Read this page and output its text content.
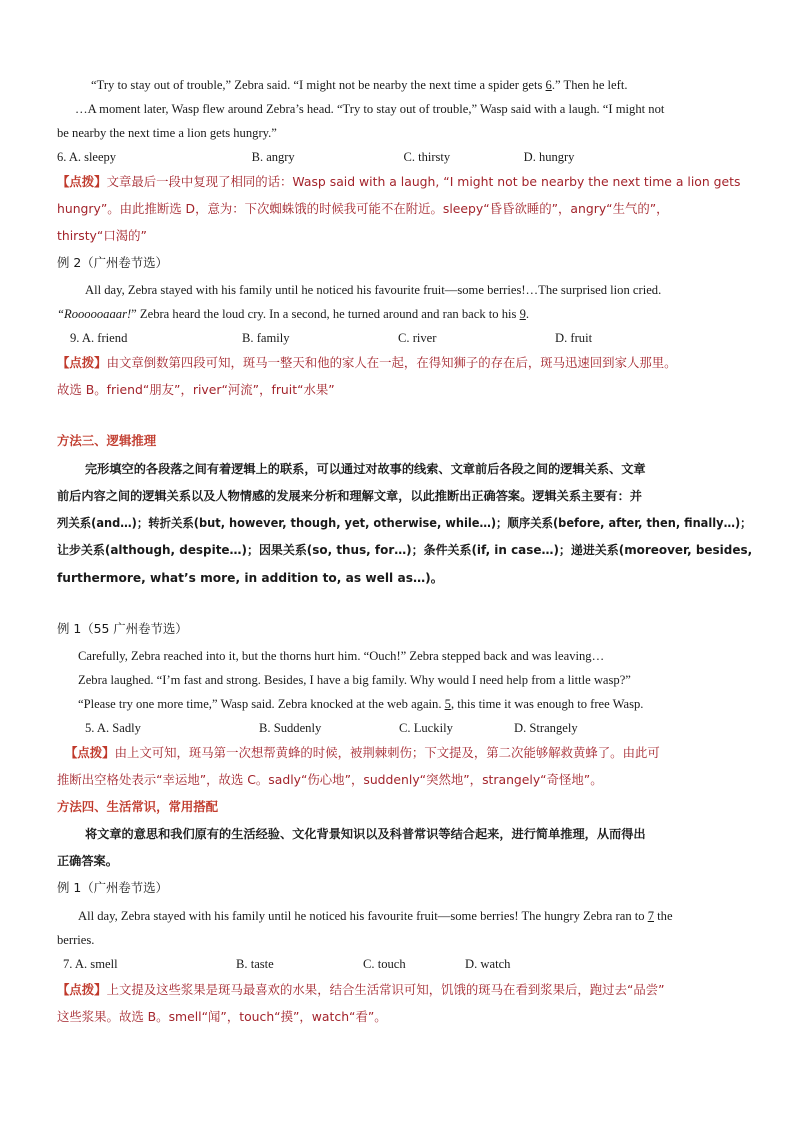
“Try to stay out of trouble,” Zebra said. “I might not be nearby the next time a spider gets 6.” Then he left.
…A moment later, Wasp flew around Zebra’s head. “Try to stay out of trouble,” Wasp said with a laugh. “I might not
be nearby the next time a lion gets hungry.”
6. A. sleepy	B. angry	C. thirsty	D. hungry
【点拨】文章最后一段中复现了相同的话：Wasp said with a laugh, “I might not be nearby the next time a lion gets
hungry”。由此推断选 D，意为：下次蜘蛛饿的时候我可能不在附近。sleepy“昏昏欲睡的”，angry“生气的”，
thirsty“口渴的”
例 2（广州卷节选）
All day, Zebra stayed with his family until he noticed his favourite fruit—some berries!…The surprised lion cried.
“Roooooaaar!” Zebra heard the loud cry. In a second, he turned around and ran back to his 9.
9. A. friend	B. family	C. river	D. fruit
【点拨】由文章倒数第四段可知，斑马一整天和他的家人在一起，在得知狮子的存在后，斑马迅速回到家人那里。
故选 B。friend“朋友”，river“河流”，fruit“水果”
方法三、逻辑推理
完形填空的各段落之间有着逻辑上的联系，可以通过对故事的线索、文章前后各段之间的逻辑关系、文章
前后内容之间的逻辑关系以及人物情感的发展来分析和理解文章，以此推断出正确答案。逻辑关系主要有：并
列关系(and…)；转折关系(but, however, though, yet, otherwise, while…)；顺序关系(before, after, then, finally…)；
让步关系(although, despite…)；因果关系(so, thus, for…)；条件关系(if, in case…)；递进关系(moreover, besides,
furthermore, what’s more, in addition to, as well as…)。
例 1（55 广州卷节选）
Carefully, Zebra reached into it, but the thorns hurt him. “Ouch!” Zebra stepped back and was leaving…
Zebra laughed. “I’m fast and strong. Besides, I have a big family. Why would I need help from a little wasp?”
“Please try one more time,” Wasp said. Zebra knocked at the web again. 5, this time it was enough to free Wasp.
5. A. Sadly	B. Suddenly	C. Luckily	D. Strangely
【点拨】由上文可知，斑马第一次想帮黄蜂的时候，被荆棘刺伤；下文提及，第二次能够解救黄蜂了。由此可
推断出空格处表示“幸运地”，故选 C。sadly“伤心地”，suddenly“突然地”，strangely“奇怪地”。
方法四、生活常识，常用搭配
将文章的意思和我们原有的生活经验、文化背景知识以及科普常识等结合起来，进行简单推理，从而得出
正确答案。
例 1（广州卷节选）
All day, Zebra stayed with his family until he noticed his favourite fruit—some berries! The hungry Zebra ran to 7 the
berries.
7. A. smell	B. taste	C. touch	D. watch
【点拨】上文提及这些浆果是斑马最喜欢的水果，结合生活常识可知，饥饿的斑马在看到浆果后，跑过去“品尝”
这些浆果。故选 B。smell“闻”，touch“摸”，watch“看”。
